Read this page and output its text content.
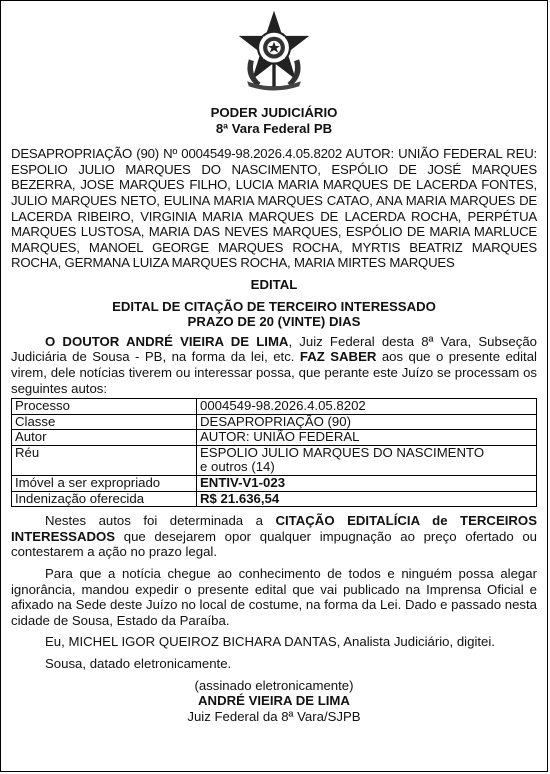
PODER JUDICIÁRIO
8ª Vara Federal PB
DESAPROPRIAÇÃO (90) Nº 0004549-98.2026.4.05.8202 AUTOR: UNIÃO FEDERAL REU: ESPOLIO JULIO MARQUES DO NASCIMENTO, ESPÓLIO DE JOSÉ MARQUES BEZERRA, JOSE MARQUES FILHO, LUCIA MARIA MARQUES DE LACERDA FONTES, JULIO MARQUES NETO, EULINA MARIA MARQUES CATAO, ANA MARIA MARQUES DE LACERDA RIBEIRO, VIRGINIA MARIA MARQUES DE LACERDA ROCHA, PERPÉTUA MARQUES LUSTOSA, MARIA DAS NEVES MARQUES, ESPÓLIO DE MARIA MARLUCE MARQUES, MANOEL GEORGE MARQUES ROCHA, MYRTIS BEATRIZ MARQUES ROCHA, GERMANA LUIZA MARQUES ROCHA, MARIA MIRTES MARQUES
EDITAL
EDITAL DE CITAÇÃO DE TERCEIRO INTERESSADO
PRAZO DE 20 (VINTE) DIAS
O DOUTOR ANDRÉ VIEIRA DE LIMA, Juiz Federal desta 8ª Vara, Subseção Judiciária de Sousa - PB, na forma da lei, etc. FAZ SABER aos que o presente edital virem, dele notícias tiverem ou interessar possa, que perante este Juízo se processam os seguintes autos:
Processo	0004549-98.2026.4.05.8202
Classe	DESAPROPRIAÇÃO (90)
Autor	AUTOR: UNIÃO FEDERAL
Réu	ESPOLIO JULIO MARQUES DO NASCIMENTO
e outros (14)

Imóvel a ser expropriado	ENTIV-V1-023
Indenização oferecida	R$ 21.636,54
Nestes autos foi determinada a CITAÇÃO EDITALÍCIA de TERCEIROS INTERESSADOS que desejarem opor qualquer impugnação ao preço ofertado ou contestarem a ação no prazo legal.
Para que a notícia chegue ao conhecimento de todos e ninguém possa alegar ignorância, mandou expedir o presente edital que vai publicado na Imprensa Oficial e afixado na Sede deste Juízo no local de costume, na forma da Lei. Dado e passado nesta cidade de Sousa, Estado da Paraíba.
Eu, MICHEL IGOR QUEIROZ BICHARA DANTAS, Analista Judiciário, digitei.
Sousa, datado eletronicamente.
(assinado eletronicamente)
ANDRÉ VIEIRA DE LIMA
Juiz Federal da 8ª Vara/SJPB
